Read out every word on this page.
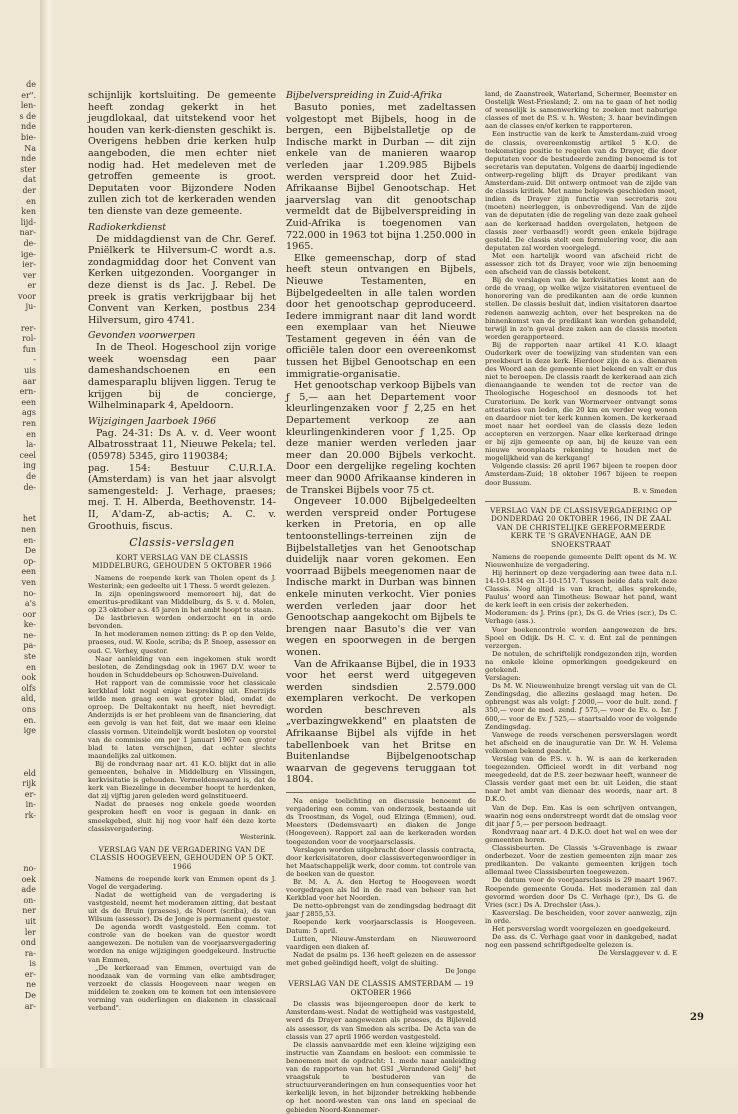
de
er".
len-
s de
nde
bie-
Na
nde
ster
dat
der
en
ken
lijd-
nar-
de-
ige-
ier-
ver
er
voor
ju-

rer-
rol-
fun
-
uis
aar
ern-
een
ags
ren
en
la-
ceel
ing
de
de-

het
nen
en-
De
op-
een
ven
no-
a's
oor
ke-
ne-
pa-
ste
en
ook
olfs
ald,
ons
en.
ige

eld
rijk
er-
in-
rk-

no-
oek
ade
on-
ner
uit
ler
ond
ra-
is
er-
ne
De
ar-

schijnlijk kortsluiting. De gemeente heeft zondag gekerkt in het jeugdlokaal, dat uitstekend voor het houden van kerk-diensten geschikt is. Overigens hebben drie kerken hulp aangeboden, die men echter niet nodig had. Het medeleven met de getroffen gemeente is groot. Deputaten voor Bijzondere Noden zullen zich tot de kerkeraden wenden ten dienste van deze gemeente.

Radiokerkdienst

De middagdienst van de Chr. Geref. Pniëlkerk te Hilversum-C wordt a.s. zondagmiddag door het Convent van Kerken uitgezonden. Voorganger in deze dienst is ds Jac. J. Rebel. De preek is gratis verkrijgbaar bij het Convent van Kerken, postbus 234 Hilversum, giro 4741.

Gevonden voorwerpen

In de Theol. Hogeschool zijn vorige week woensdag een paar dameshandschoenen en een damesparaplu blijven liggen. Terug te krijgen bij de concierge, Wilhelminapark 4, Apeldoorn.

Wijzigingen Jaarboek 1966

Pag. 24-31: Ds A. v. d. Veer woont Albatrosstraat 11, Nieuwe Pekela; tel. (05978) 5345, giro 1190384;

pag. 154: Bestuur C.U.R.I.A. (Amsterdam) is van het jaar alsvolgt samengesteld: J. Verhage, praeses; mej. T. H. Alberda, Beethovenstr. 14-II, A'dam-Z, ab-actis; A. C. v. Groothuis, fiscus.

Classis-verslagen
KORT VERSLAG VAN DE CLASSIS MIDDELBURG, GEHOUDEN 5 OKTOBER 1966

Namens de roepende kerk van Tholen opent ds J. Westerink; een gedeelte uit 1 Thess. 5 wordt gelezen.

In zijn openingswoord memoreert hij, dat de emeritus-predikant van Middelburg, ds S. v. d. Molen, op 23 oktober a.s. 45 jaren in het ambt hoopt te staan.

De lastbrieven worden onderzocht en in orde bevonden.

In het moderamen nemen zitting: ds P. op den Velde, praeses, oud. W. Koole, scriba; ds P. Snoep, assessor en oud. C. Verhey, questor.

Naar aanleiding van een ingekomen stuk wordt besloten, de Zendingsdag ook in 1967 D.V. weer te houden in Schuddebeurs op Schouwen-Duiveland.

Het rapport van de commissie voor het classicale kerkblad lokt nogal enige bespreking uit. Enerzijds wilde men graag een wat groter blad, omdat de oproep. De Deltakontakt nu heeft, niet bevredigt. Anderzijds is er het probleem van de financiering, dat een gevolg is van het feit, dat we maar een kleine classis vormen. Uiteindelijk wordt besloten op voorstel van de commissie om per 1 januari 1967 een groter blad te laten verschijnen, dat echter slechts maandelijks zal uitkomen.

Bij de rondvraag naar art. 41 K.O. blijkt dat in alle gemeenten, behalve in Middelburg en Vlissingen, kerkvisitatie is gehouden. Vermeldenswaard is, dat de kerk van Biezelinge in december hoopt te herdenken, dat zij vijftig jaren geleden werd geïnstitueerd.

Nadat de praeses nog enkele goede woorden gesproken heeft en voor is gegaan in dank- en smeekgebed, sluit hij nog voor half één deze korte classisvergadering.

Westerink.

VERSLAG VAN DE VERGADERING VAN DE CLASSIS HOOGEVEEN, GEHOUDEN OP 5 OKT. 1966

Namens de roepende kerk van Emmen opent ds J. Vogel de vergadering.

Nadat de wettigheid van de vergadering is vastgesteld, neemt het moderamen zitting, dat bestaat uit ds de Bruin (praeses), ds Noort (scriba), ds van Wilsum (assessor). Ds de Jonge is permanent questor.

De agenda wordt vastgesteld. Een comm. tot controle van de boeken van de questor wordt aangewezen. De notulen van de voorjaarsvergadering worden na enige wijzigingen goedgekeurd. Instructie van Emmen,

„De kerkeraad van Emmen, overtuigd van de noodzaak van de vorming van elke ambtsdrager, verzoekt de classis Hoogeveen naar wegen en middelen te zoeken om te komen tot een intensievere vorming van ouderlingen en diakenen in classicaal verband".

Bijbelverspreiding in Zuid-Afrika

Basuto ponies, met zadeltassen volgestopt met Bijbels, hoog in de bergen, een Bijbelstalletje op de Indische markt in Durban — dit zijn enkele van de manieren waarop verleden jaar 1.209.985 Bijbels werden verspreid door het Zuid-Afrikaanse Bijbel Genootschap. Het jaarverslag van dit genootschap vermeldt dat de Bijbelverspreiding in Zuid-Afrika is toegenomen van 722.000 in 1963 tot bijna 1.250.000 in 1965.

Elke gemeenschap, dorp of stad heeft steun ontvangen en Bijbels, Nieuwe Testamenten, en Bijbelgedeelten in alle talen worden door het genootschap geproduceerd. Iedere immigrant naar dit land wordt een exemplaar van het Nieuwe Testament gegeven in één van de officiële talen door een overeenkomst tussen het Bijbel Genootschap en een immigratie-organisatie.

Het genootschap verkoop Bijbels van ƒ 5,— aan het Departement voor kleurlingenzaken voor ƒ 2,25 en het Departement verkoop ze aan kleurlingenkinderen voor ƒ 1,25. Op deze manier werden verleden jaar meer dan 20.000 Bijbels verkocht. Door een dergelijke regeling kochten meer dan 9000 Afrikaanse kinderen in de Transkei Bijbels voor 75 ct.

Ongeveer 10.000 Bijbelgedeelten werden verspreid onder Portugese kerken in Pretoria, en op alle tentoonstellings-terreinen zijn de Bijbelstalletjes van het Genootschap duidelijk naar voren gekomen. Een voorraad Bijbels meegenomen naar de Indische markt in Durban was binnen enkele minuten verkocht. Vier ponies werden verleden jaar door het Genootschap aangekocht om Bijbels te brengen naar Basuto's die ver van wegen en spoorwegen in de bergen wonen.

Van de Afrikaanse Bijbel, die in 1933 voor het eerst werd uitgegeven werden sindsdien 2.579.000 exemplaren verkocht. De verkopen worden beschreven als „verbazingwekkend" en plaatsten de Afrikaanse Bijbel als vijfde in het tabellenboek van het Britse en Buitenlandse Bijbelgenootschap waarvan de gegevens teruggaan tot 1804.

Na enige toelichting en discussie benoemt de vergadering een comm. van onderzoek, bestaande uit ds Troostman, ds Vogel, oud Elzinga (Emmen), oud. Meesters (Dedemsvaart) en diaken de Jonge (Hoogeveen). Rapport zal aan de kerkeraden worden toegezonden voor de voorjaarsclassis.

Verslagen worden uitgebracht door classis contracta, door kerkvisitatoren, door classisvertegenwoordiger in het Maatschappelijk werk, door comm. tot controle van de boeken van de questor.

Br. M. A. A. den Hertog te Hoogeveen wordt voorgedragen als lid in de raad van beheer van het Kerkblad voor het Noorden.

De netto-opbrengst van de zendingsdag bedraagt dit jaar ƒ 2855,53.

Roepende kerk voorjaarsclassis is Hoogeveen. Datum: 5 april.

Lutten, Nieuw-Amsterdam en Nieuweroord vaardigen een diaken af.

Nadat de psalm ps. 136 heeft gelezen en de assessor met gebed geëindigd heeft, volgt de sluiting.

De Jonge

VERSLAG VAN DE CLASSIS AMSTERDAM — 19 OKTOBER 1966

De classis was bijeengeroepen door de kerk te Amsterdam-west. Nadat de wettigheid was vastgesteld, werd ds Drayer aangewezen als praeses, ds Bijleveld als assessor, ds van Smeden als scriba. De Acta van de classis van 27 april 1966 werden vastgesteld.

De classis aanvaardde met een kleine wijziging een instructie van Zaandam en besloot: een commissie te benoemen met de opdracht: 1. mede naar aanleiding van de rapporten van het GSI „Verandered Gelij" het vraagstuk te bestuderen van de structuurveranderingen en hun consequenties voor het kerkelijk leven, in het bijzonder betrekking hebbende op het noord-westen van ons land en speciaal de gebieden Noord-Kennemer-

land, de Zaanstreek, Waterland, Schermer, Beemster en Oostelijk West-Friesland; 2. om na te gaan of het nodig of wenselijk is samenwerking te zoeken met naburige classes of met de P.S. v. h. Westen; 3. haar bevindingen aan de classes en/of kerken te rapporteren.

Een instructie van de kerk te Amsterdam-zuid vroeg de classis, overeenkomstig artikel 5 K.O. de toekomstige positie te regelen van ds Drayer, die door deputaten voor de bestudeerde zending benoemd is tot secretaris van deputaten. Volgens de daarbij ingediende ontwerp-regeling blijft ds Drayer predikant van Amsterdam-zuid. Dit ontwerp ontmoet van de zijde van de classis kritiek. Met name belgewis geschieden moet, indien ds Drayer zijn functie van secretaris zou (moeten) neerleggen, is onbevredigend. Van de zijde van de deputaten (die de regeling van deze zaak geheel aan de kerkeraad hadden overgelaten, hetgeen de classis zeer verbaasd!) wordt geen enkele bijdrage gesteld. De classis stelt een formulering voor, die aan deputaten zal worden voorgelegd.

Met een hartelijk woord van afscheid richt de assessor zich tot ds Drayer, voor wie zijn benoeming een afscheid van de classis betekent.

Bij de verslagen van de kerkvisitaties komt aan de orde de vraag, op welke wijze visitatoren eventueel de honorering van de predikanten aan de orde kunnen stellen. De classis besluit dat, indien visitatoren daartoe redenen aanwezig achten, over het bespreken na de binnenkomst van de predikant kan worden gehandeld, terwijl in zo'n geval deze zaken aan de classis moeten worden gerapporteerd.

Bij de rapporten naar artikel 41 K.O. klaagt Ouderkerk over de toewijzing van studenten van een preekbeurt in deze kerk. Hierdoor zijn de a.s. dienaren des Woord aan de gemeente niet bekend en valt er dus niet te beroepen. De classis raadt de kerkeraad aan zich dienaangaande te wenden tot de rector van de Theologische Hogeschool en desnoods tot het Curatorium. De kerk van Wormerveer ontvangt soms attestaties van leden, die 20 km en verder weg wonen en daardoor niet ter kerk kunnen komen. De kerkeraad moet naar het oordeel van de classis deze leden accepteren en verzorgen. Naar elke kerkeraad dringe er bij zijn gemeente op aan, bij de keuze van een nieuwe woonplaats rekening te houden met de mogelijkheid van de kerkgang!

Volgende classis: 26 april 1967 bijeen te roepen door Amsterdam-Zuid; 18 oktober 1967 bijeen te roepen door Bussum.

B. v. Smeden

VERSLAG VAN DE CLASSISVERGADERING OP DONDERDAG 20 OKTOBER 1966, IN DE ZAAL VAN DE CHRISTELIJKE GEREFORMEERDE KERK TE 'S GRAVENHAGE, AAN DE SNOEKSTRAAT

Namens de roepende gemeente Delft opent ds M. W. Nieuwenhuize de vergadering.

Hij herinnert op deze vergadering aan twee data n.l. 14-10-1834 en 31-10-1517. Tussen beide data valt deze Classis. Nog altijd is van kracht, alles sprekende, Paulus' woord aan Timotheus: Bewaar het pand, want de kerk leeft in een crisis der zekerheden.

Moderamen: ds J. Prins (pr.), Ds G. de Vries (scr.), Ds C. Verhage (ass.).

Voor boekencontrole worden aangewezen de brs. Spoel en Odijk. Ds H. C. v. d. Ent zal de penningen verzorgen.

De notulen, de schriftelijk rondgezonden zijn, worden na enkele kleine opmerkingen goedgekeurd en getekend.

Verslagen:

Ds M. W. Nieuwenhuize brengt verslag uit van de Cl. Zendingsdag, die allezins geslaagd mag heten. De opbrengst was als volgt: ƒ 2000,— voor de bult. zend. ƒ 350,— voor de med. zend. ƒ 575,— voor de Ev. o. Isr. ƒ 600,— voor de Ev. ƒ 525,— staartsaldo voor de volgende Zendingsdag.

Vanwege de reeds verschenen persverslagen wordt het afscheid en de inauguratie van Dr. W. H. Velema volkomen bekend geacht.

Verslag van de P.S. v. h. W. is aan de kerkeraden toegezonden. Officieel wordt in dit verband nog meegedeeld, dat de P.S. zeer bezwaar heeft, wanneer de Classis verder gaat met een br. uit Leiden, die staat naar het ambt van dienaar des woords, naar art. 8 D.K.O.

Van de Dep. Em. Kas is een schrijven ontvangen, waarin nog eens onderstreept wordt dat de omslag voor dit jaar ƒ 5,— per persoon bedraagt.

Rondvraag naar art. 4 D.K.O. doet het wel en wee der gemeenten horen.

Classisbeurten. De Classis 's-Gravenhage is zwaar onderbezet. Voor de zestien gemeenten zijn maar zes predikanten. De vakante gemeenten krijgen toch allemaal twee Classisbeurten toegewezen.

De datum voor de voorjaarsclassis is 29 maart 1967. Roepende gemeente Gouda. Het moderamen zal dan gevormd worden door Ds C. Verhage (pr.), Ds G. de Vries (scr.) Ds A. Drechsler (Ass.).

Kasverslag. De bescheiden, voor zover aanwezig, zijn in orde.

Het persverslag wordt voorgelezen en goedgekeurd.

De ass. ds C. Verhage gaat voor in dankgebed, nadat nog een passend schriftgedeelte gelezen is.

De Verslaggever v. d. E

29
